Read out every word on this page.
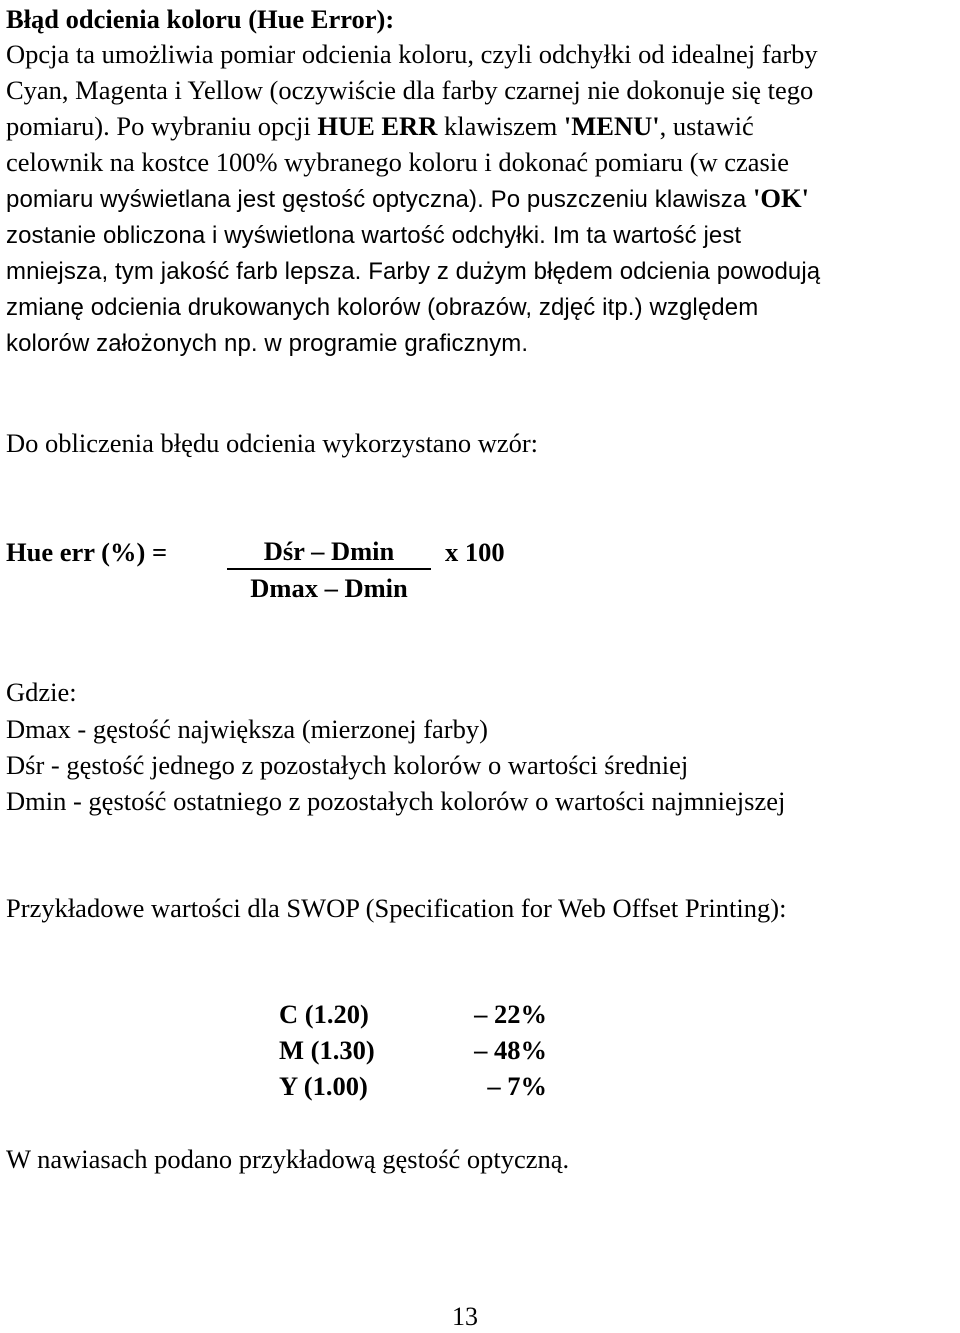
Błąd odcienia koloru (Hue Error):
Opcja ta umożliwia pomiar odcienia koloru, czyli odchyłki od idealnej farby
Cyan, Magenta i Yellow (oczywiście dla farby czarnej nie dokonuje się tego
pomiaru). Po wybraniu opcji HUE ERR klawiszem 'MENU', ustawić
celownik na kostce 100% wybranego koloru i dokonać pomiaru (w czasie
pomiaru wyświetlana jest gęstość optyczna). Po puszczeniu klawisza 'OK'
zostanie obliczona i wyświetlona wartość odchyłki. Im ta wartość jest
mniejsza, tym jakość farb lepsza. Farby z dużym błędem odcienia powodują
zmianę odcienia drukowanych kolorów (obrazów, zdjęć itp.) względem
kolorów założonych np. w programie graficznym.
Do obliczenia błędu odcienia wykorzystano wzór:
Hue err (%) =	Dśr – Dmin	x 100
Dmax – Dmin
Gdzie:
Dmax - gęstość największa (mierzonej farby)
Dśr - gęstość jednego z pozostałych kolorów o wartości średniej
Dmin - gęstość ostatniego z pozostałych kolorów o wartości najmniejszej
Przykładowe wartości dla SWOP (Specification for Web Offset Printing):
C (1.20)	– 22%
M (1.30)	– 48%
Y (1.00)	– 7%
W nawiasach podano przykładową gęstość optyczną.
13
